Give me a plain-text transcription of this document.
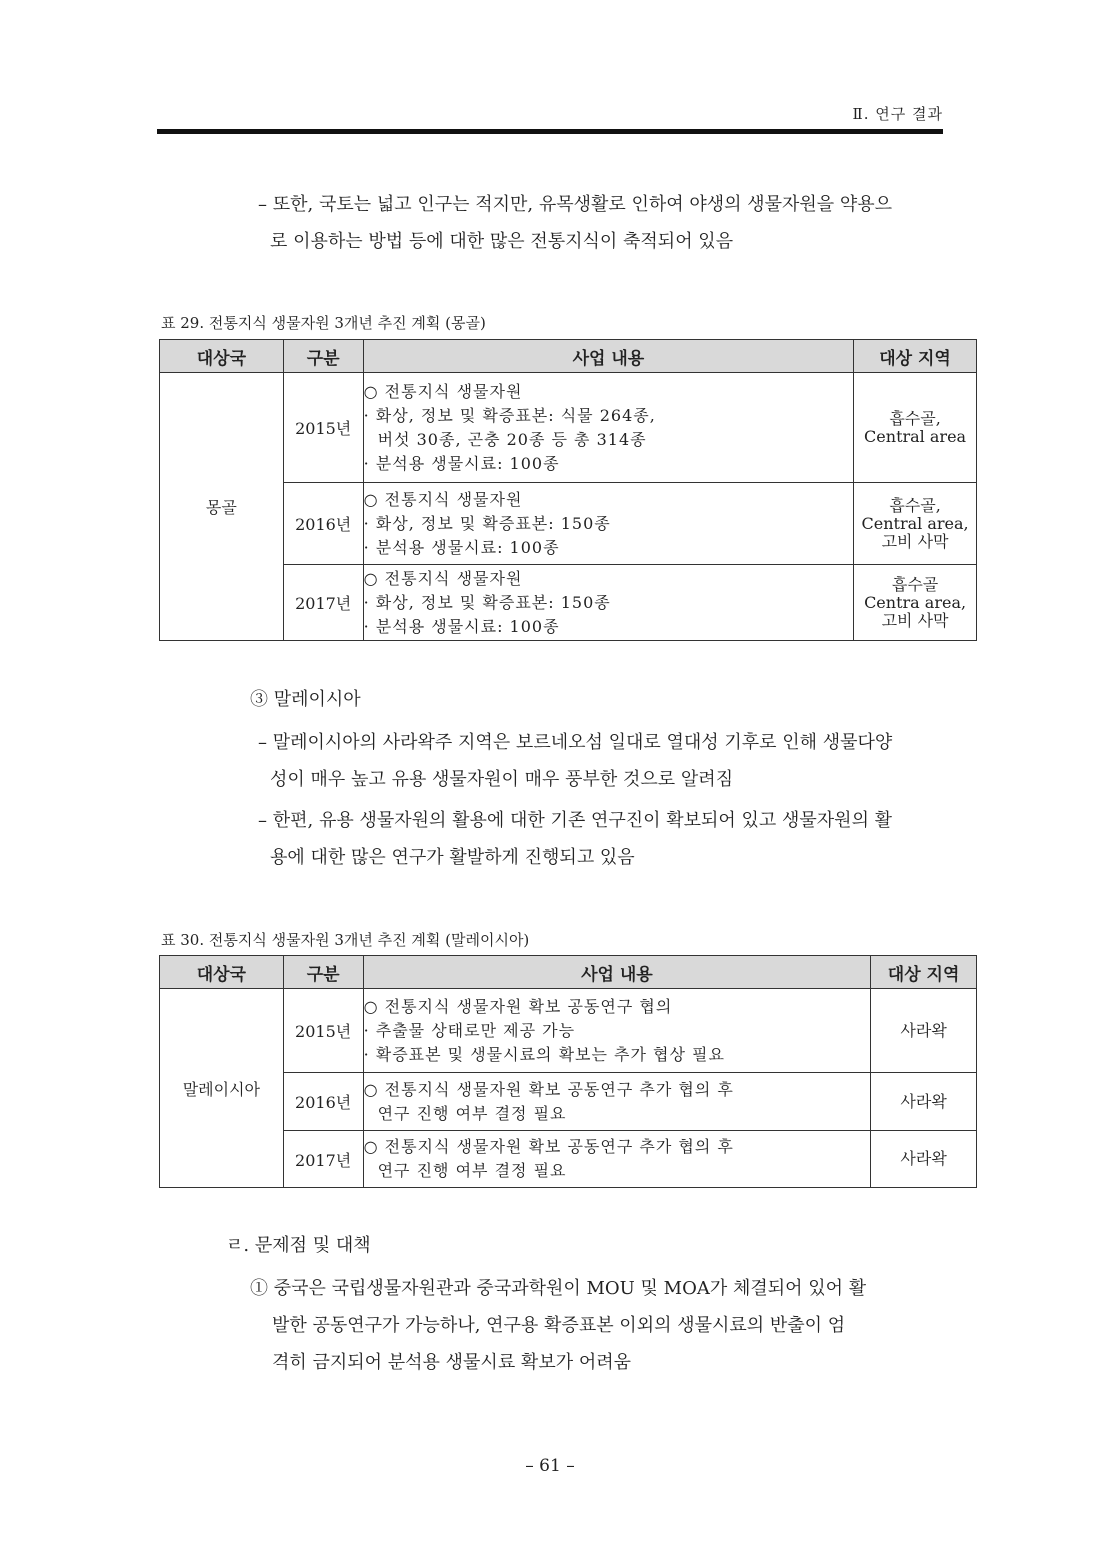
Ⅱ. 연구 결과
– 또한, 국토는 넓고 인구는 적지만, 유목생활로 인하여 야생의 생물자원을 약용으
로 이용하는 방법 등에 대한 많은 전통지식이 축적되어 있음
표 29. 전통지식 생물자원 3개년 추진 계획 (몽골)
대상국	구분	사업 내용	대상 지역
몽골	2015년	○ 전통지식 생물자원
· 화상, 정보 및 확증표본: 식물 264종,
버섯 30종, 곤충 20종 등 총 314종
· 분석용 생물시료: 100종	흡수골,
Central area

	2016년	○ 전통지식 생물자원
· 화상, 정보 및 확증표본: 150종
· 분석용 생물시료: 100종	흡수골,
Central area,
고비 사막

	2017년	○ 전통지식 생물자원
· 화상, 정보 및 확증표본: 150종
· 분석용 생물시료: 100종	흡수골
Centra area,
고비 사막
③ 말레이시아
– 말레이시아의 사라왁주 지역은 보르네오섬 일대로 열대성 기후로 인해 생물다양
성이 매우 높고 유용 생물자원이 매우 풍부한 것으로 알려짐
– 한편, 유용 생물자원의 활용에 대한 기존 연구진이 확보되어 있고 생물자원의 활
용에 대한 많은 연구가 활발하게 진행되고 있음
표 30. 전통지식 생물자원 3개년 추진 계획 (말레이시아)
대상국	구분	사업 내용	대상 지역
말레이시아	2015년	○ 전통지식 생물자원 확보 공동연구 협의
· 추출물 상태로만 제공 가능
· 확증표본 및 생물시료의 확보는 추가 협상 필요	사라왁

	2016년	○ 전통지식 생물자원 확보 공동연구 추가 협의 후
연구 진행 여부 결정 필요	사라왁

	2017년	○ 전통지식 생물자원 확보 공동연구 추가 협의 후
연구 진행 여부 결정 필요	사라왁
ㄹ. 문제점 및 대책
① 중국은 국립생물자원관과 중국과학원이 MOU 및 MOA가 체결되어 있어 활
발한 공동연구가 가능하나, 연구용 확증표본 이외의 생물시료의 반출이 엄
격히 금지되어 분석용 생물시료 확보가 어려움
– 61 –
